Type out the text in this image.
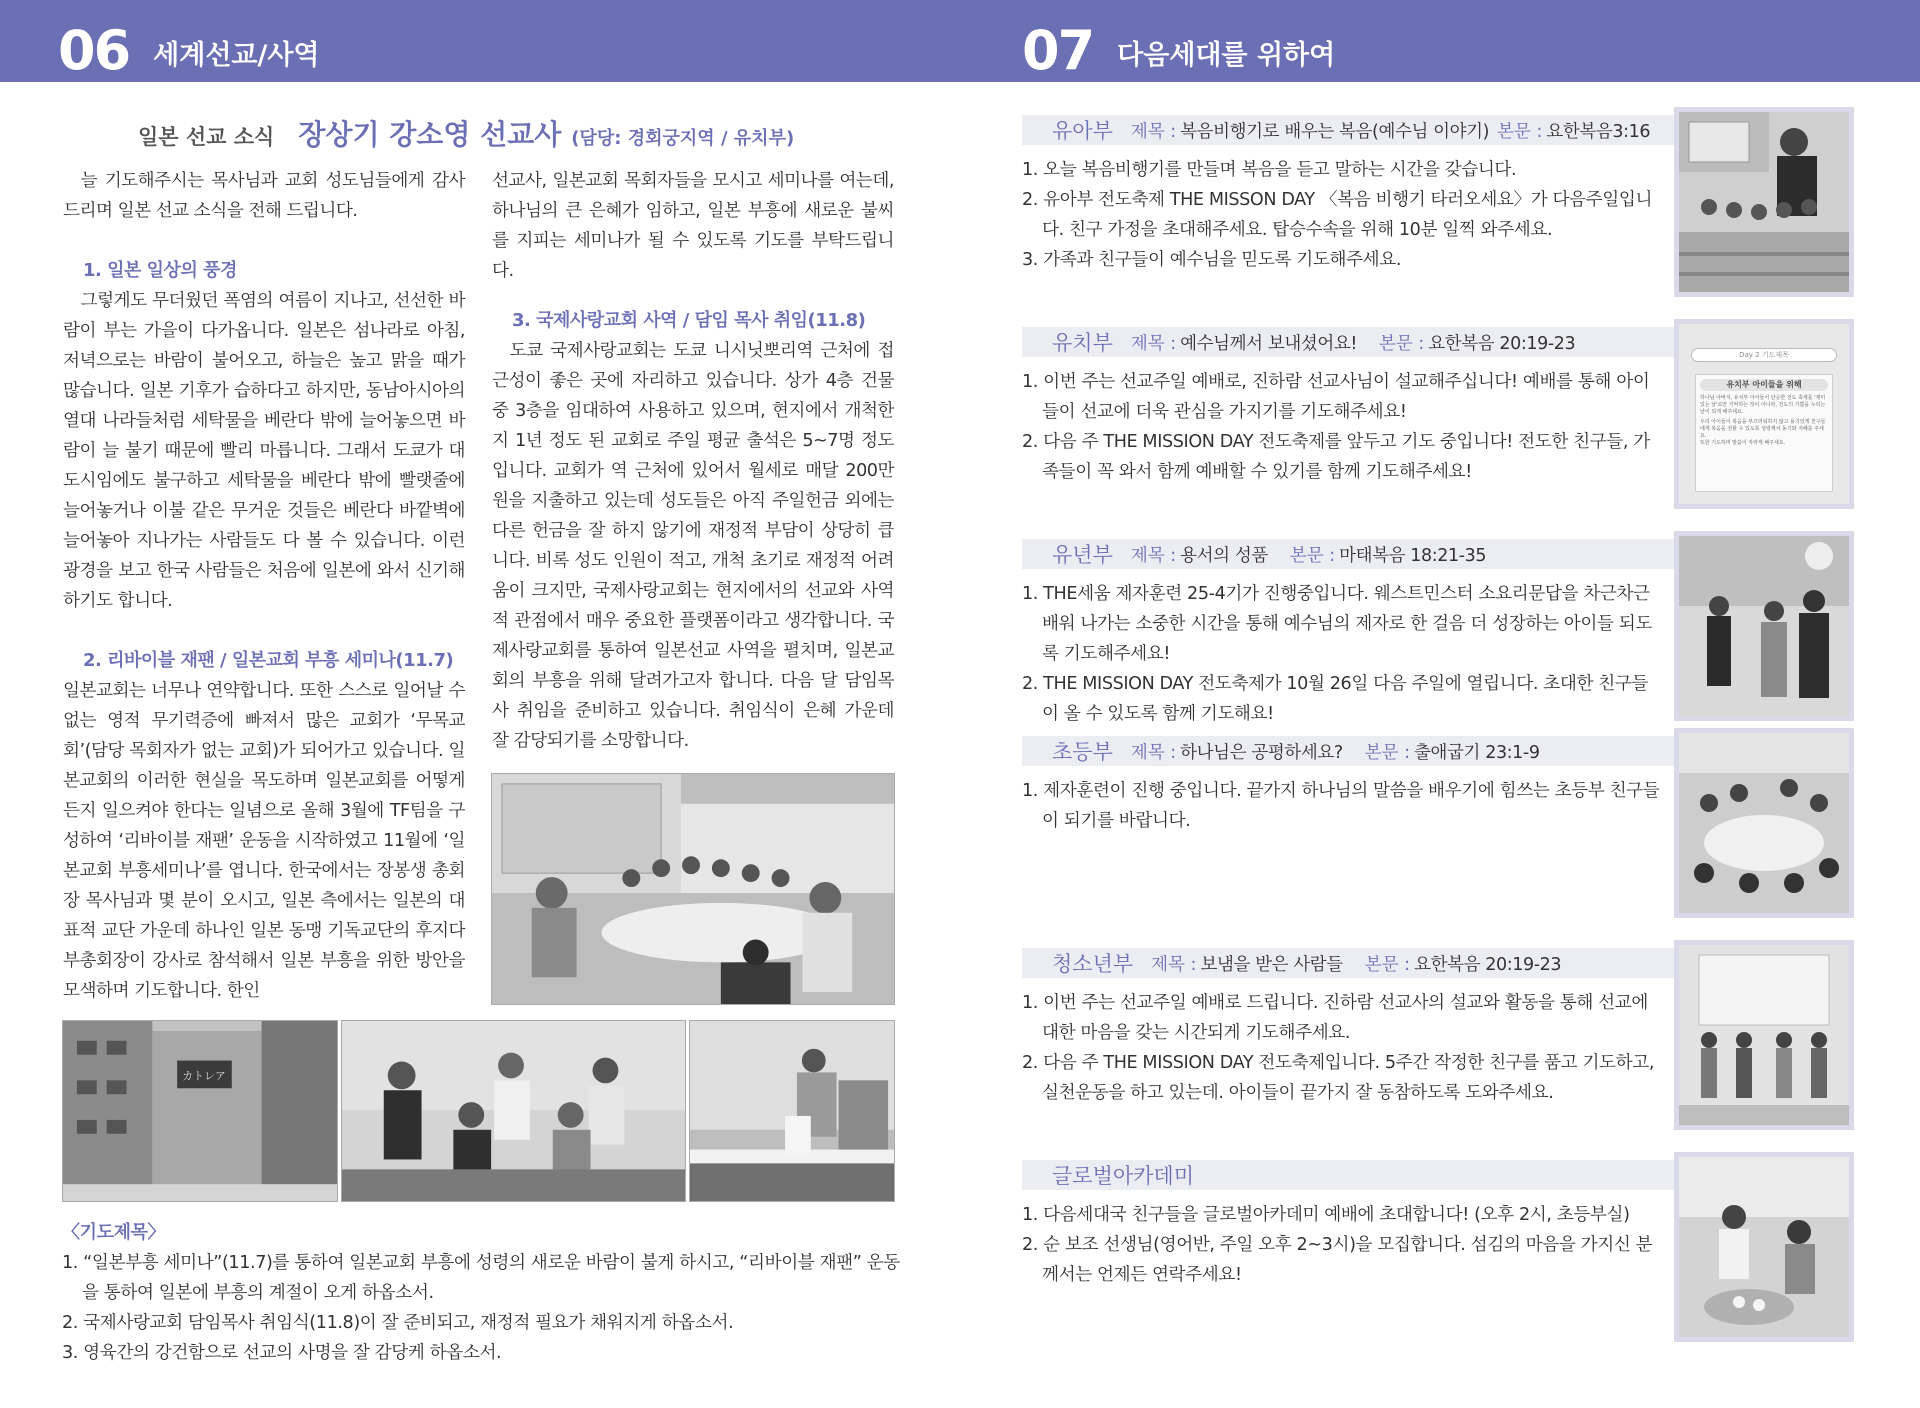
06 세계선교/사역	07 다음세대를 위하여
일본 선교 소식 장상기 강소영 선교사 (담당: 경회궁지역 / 유치부)

늘 기도해주시는 목사님과 교회 성도님들에게 감사드리며 일본 선교 소식을 전해 드립니다.

1. 일본 일상의 풍경

그렇게도 무더웠던 폭염의 여름이 지나고, 선선한 바람이 부는 가을이 다가옵니다. 일본은 섬나라로 아침, 저녁으로는 바람이 불어오고, 하늘은 높고 맑을 때가 많습니다. 일본 기후가 습하다고 하지만, 동남아시아의 열대 나라들처럼 세탁물을 베란다 밖에 늘어놓으면 바람이 늘 불기 때문에 빨리 마릅니다. 그래서 도쿄가 대도시임에도 불구하고 세탁물을 베란다 밖에 빨랫줄에 늘어놓거나 이불 같은 무거운 것들은 베란다 바깥벽에 늘어놓아 지나가는 사람들도 다 볼 수 있습니다. 이런 광경을 보고 한국 사람들은 처음에 일본에 와서 신기해하기도 합니다.

2. 리바이블 재팬 / 일본교회 부흥 세미나(11.7)

일본교회는 너무나 연약합니다. 또한 스스로 일어날 수 없는 영적 무기력증에 빠져서 많은 교회가 ‘무목교회’(담당 목회자가 없는 교회)가 되어가고 있습니다. 일본교회의 이러한 현실을 목도하며 일본교회를 어떻게든지 일으켜야 한다는 일념으로 올해 3월에 TF팀을 구성하여 ‘리바이블 재팬’ 운동을 시작하였고 11월에 ‘일본교회 부흥세미나’를 엽니다. 한국에서는 장봉생 총회장 목사님과 몇 분이 오시고, 일본 측에서는 일본의 대표적 교단 가운데 하나인 일본 동맹 기독교단의 후지다 부총회장이 강사로 참석해서 일본 부흥을 위한 방안을 모색하며 기도합니다. 한인

선교사, 일본교회 목회자들을 모시고 세미나를 여는데, 하나님의 큰 은혜가 임하고, 일본 부흥에 새로운 불씨를 지피는 세미나가 될 수 있도록 기도를 부탁드립니다.

3. 국제사랑교회 사역 / 담임 목사 취임(11.8)

도쿄 국제사랑교회는 도쿄 니시닛뽀리역 근처에 접근성이 좋은 곳에 자리하고 있습니다. 상가 4층 건물 중 3층을 임대하여 사용하고 있으며, 현지에서 개척한 지 1년 정도 된 교회로 주일 평균 출석은 5~7명 정도입니다. 교회가 역 근처에 있어서 월세로 매달 200만 원을 지출하고 있는데 성도들은 아직 주일헌금 외에는 다른 헌금을 잘 하지 않기에 재정적 부담이 상당히 큽니다. 비록 성도 인원이 적고, 개척 초기로 재정적 어려움이 크지만, 국제사랑교회는 현지에서의 선교와 사역적 관점에서 매우 중요한 플랫폼이라고 생각합니다. 국제사랑교회를 통하여 일본선교 사역을 펼치며, 일본교회의 부흥을 위해 달려가고자 합니다. 다음 달 담임목사 취임을 준비하고 있습니다. 취임식이 은혜 가운데 잘 감당되기를 소망합니다.

カトレア
〈기도제목〉
1. “일본부흥 세미나”(11.7)를 통하여 일본교회 부흥에 성령의 새로운 바람이 불게 하시고, “리바이블 재팬” 운동을 통하여 일본에 부흥의 계절이 오게 하옵소서.
2. 국제사랑교회 담임목사 취임식(11.8)이 잘 준비되고, 재정적 필요가 채워지게 하옵소서.
3. 영육간의 강건함으로 선교의 사명을 잘 감당케 하옵소서.
유아부 제목 : 복음비행기로 배우는 복음(예수님 이야기) 본문 : 요한복음3:16
1. 오늘 복음비행기를 만들며 복음을 듣고 말하는 시간을 갖습니다.
2. 유아부 전도축제 THE MISSON DAY 〈복음 비행기 타러오세요〉가 다음주일입니다. 친구 가정을 초대해주세요. 탑승수속을 위해 10분 일찍 와주세요.
3. 가족과 친구들이 예수님을 믿도록 기도해주세요.
유치부 제목 : 예수님께서 보내셨어요! 본문 : 요한복음 20:19-23
1. 이번 주는 선교주일 예배로, 진하람 선교사님이 설교해주십니다! 예배를 통해 아이들이 선교에 더욱 관심을 가지기를 기도해주세요!
2. 다음 주 THE MISSION DAY 전도축제를 앞두고 기도 중입니다! 전도한 친구들, 가족들이 꼭 와서 함께 예배할 수 있기를 함께 기도해주세요!
Day 2 기도제목
유치부 아이들을 위해
하나님 아버지, 유치부 아이들이 단순한 전도 축제를 '재미있는 날'로만 기억하는 것이 아니라, 전도의 기쁨을 누리는 날이 되게 해주세요.
우리 아이들이 복음을 부끄러워하지 않고 용기있게 친구들에게 복음을 전할 수 있도록 성령께서 동기와 지혜를 주세요.
또한 기도하며 말씀이 자라게 해주세요.
유년부 제목 : 용서의 성품 본문 : 마태복음 18:21-35
1. THE세움 제자훈련 25-4기가 진행중입니다. 웨스트민스터 소요리문답을 차근차근 배워 나가는 소중한 시간을 통해 예수님의 제자로 한 걸음 더 성장하는 아이들 되도록 기도해주세요!
2. THE MISSION DAY 전도축제가 10월 26일 다음 주일에 열립니다. 초대한 친구들이 올 수 있도록 함께 기도해요!
초등부 제목 : 하나님은 공평하세요? 본문 : 출애굽기 23:1-9
1. 제자훈련이 진행 중입니다. 끝가지 하나님의 말씀을 배우기에 힘쓰는 초등부 친구들이 되기를 바랍니다.
청소년부 제목 : 보냄을 받은 사람들 본문 : 요한복음 20:19-23
1. 이번 주는 선교주일 예배로 드립니다. 진하람 선교사의 설교와 활동을 통해 선교에 대한 마음을 갖는 시간되게 기도해주세요.
2. 다음 주 THE MISSION DAY 전도축제입니다. 5주간 작정한 친구를 품고 기도하고, 실천운동을 하고 있는데. 아이들이 끝가지 잘 동참하도록 도와주세요.
글로벌아카데미
1. 다음세대국 친구들을 글로벌아카데미 예배에 초대합니다! (오후 2시, 초등부실)
2. 순 보조 선생님(영어반, 주일 오후 2~3시)을 모집합니다. 섬김의 마음을 가지신 분께서는 언제든 연락주세요!
